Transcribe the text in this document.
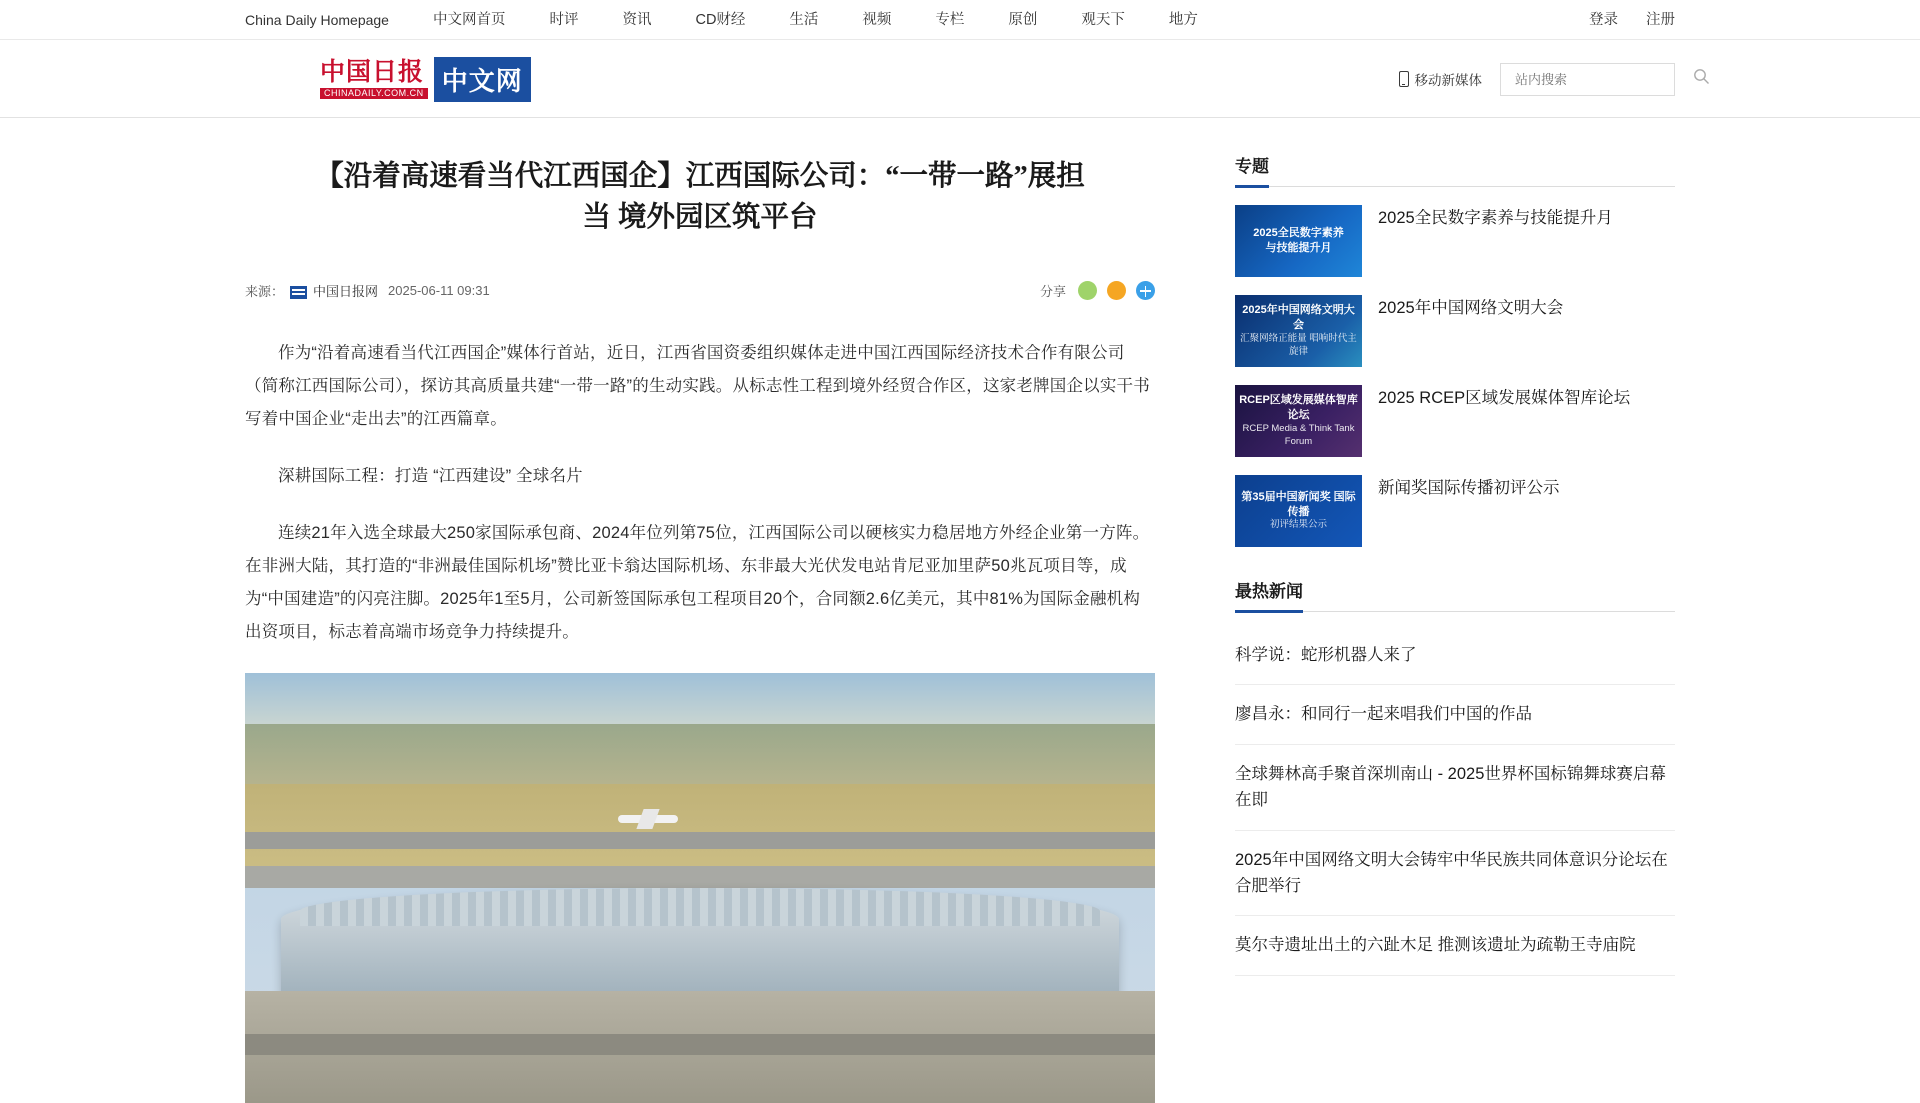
China Daily Homepage	中文网首页	时评	资讯	CD财经	生活	视频	专栏	原创	观天下	地方	登录	注册
中国日报
CHINADAILY.COM.CN 中文网	移动新媒体
站内搜索
【沿着高速看当代江西国企】江西国际公司：“一带一路”展担当 境外园区筑平台
来源： 中国日报网 2025-06-11 09:31	分享

作为“沿着高速看当代江西国企”媒体行首站，近日，江西省国资委组织媒体走进中国江西国际经济技术合作有限公司（简称江西国际公司），探访其高质量共建“一带一路”的生动实践。从标志性工程到境外经贸合作区，这家老牌国企以实干书写着中国企业“走出去”的江西篇章。

深耕国际工程：打造 “江西建设” 全球名片

连续21年入选全球最大250家国际承包商、2024年位列第75位，江西国际公司以硬核实力稳居地方外经企业第一方阵。在非洲大陆，其打造的“非洲最佳国际机场”赞比亚卡翁达国际机场、东非最大光伏发电站肯尼亚加里萨50兆瓦项目等，成为“中国建造”的闪亮注脚。2025年1至5月，公司新签国际承包工程项目20个，合同额2.6亿美元，其中81%为国际金融机构出资项目，标志着高端市场竞争力持续提升。

专题
2025全民数字素养
与技能提升月
2025全民数字素养与技能提升月
2025年中国网络文明大会
汇聚网络正能量 唱响时代主旋律
2025年中国网络文明大会
RCEP区域发展媒体智库论坛
RCEP Media & Think Tank Forum
2025 RCEP区域发展媒体智库论坛
第35届中国新闻奖 国际传播
初评结果公示
新闻奖国际传播初评公示
最热新闻
科学说：蛇形机器人来了
廖昌永：和同行一起来唱我们中国的作品
全球舞林高手聚首深圳南山 - 2025世界杯国标锦舞球赛启幕在即
2025年中国网络文明大会铸牢中华民族共同体意识分论坛在合肥举行
莫尔寺遗址出土的六趾木足 推测该遗址为疏勒王寺庙院
